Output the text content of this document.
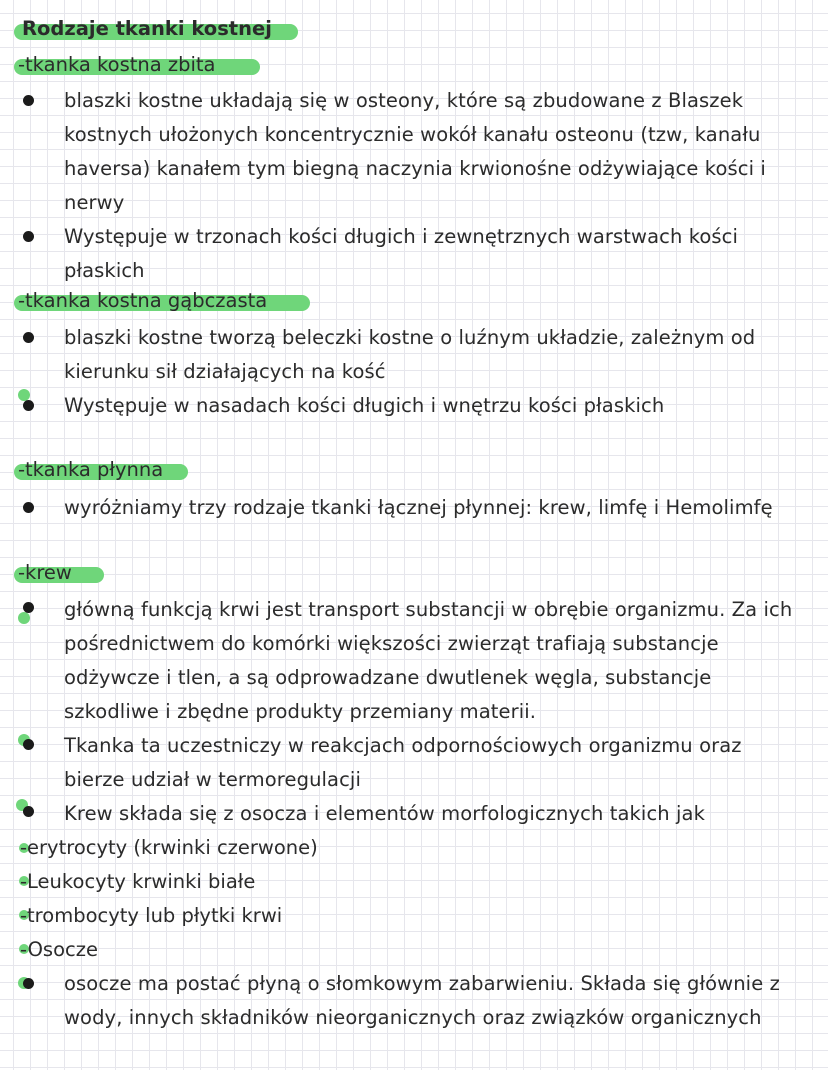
Rodzaje tkanki kostnej
-tkanka kostna zbita
blaszki kostne układają się w osteony, które są zbudowane z Blaszek kostnych ułożonych koncentrycznie wokół kanału osteonu (tzw, kanału haversa) kanałem tym biegną naczynia krwionośne odżywiające kości i nerwy
Występuje w trzonach kości długich i zewnętrznych warstwach kości płaskich
-tkanka kostna gąbczasta
blaszki kostne tworzą beleczki kostne o luźnym układzie, zależnym od kierunku sił działających na kość
Występuje w nasadach kości długich i wnętrzu kości płaskich
-tkanka płynna
wyróżniamy trzy rodzaje tkanki łącznej płynnej: krew, limfę i Hemolimfę
-krew
główną funkcją krwi jest transport substancji w obrębie organizmu. Za ich pośrednictwem do komórki większości zwierząt trafiają substancje odżywcze i tlen, a są odprowadzane dwutlenek węgla, substancje szkodliwe i zbędne produkty przemiany materii.
Tkanka ta uczestniczy w reakcjach odpornościowych organizmu oraz bierze udział w termoregulacji
Krew składa się z osocza i elementów morfologicznych takich jak
-erytrocyty (krwinki czerwone)
-Leukocyty krwinki białe
-trombocyty lub płytki krwi
-Osocze
osocze ma postać płyną o słomkowym zabarwieniu. Składa się głównie z wody, innych składników nieorganicznych oraz związków organicznych
